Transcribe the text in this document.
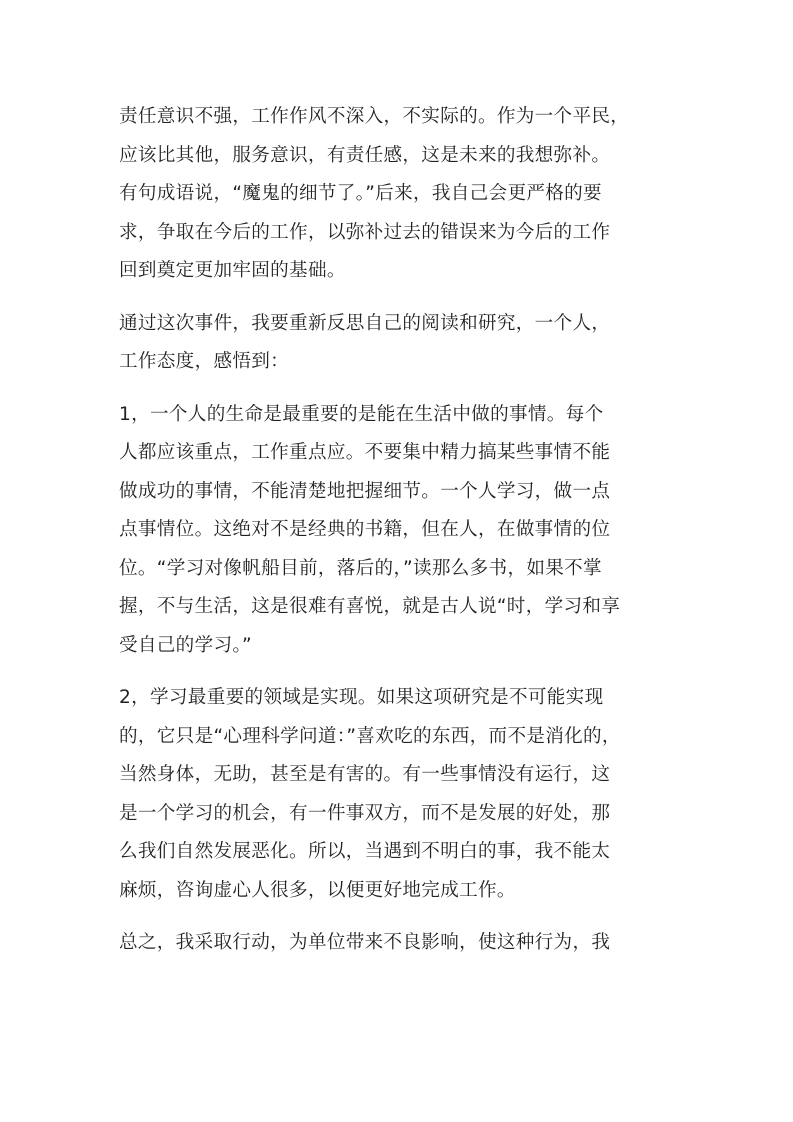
责任意识不强，工作作风不深入，不实际的。作为一个平民，
应该比其他，服务意识，有责任感，这是未来的我想弥补。
有句成语说，“魔鬼的细节了。”后来，我自己会更严格的要
求，争取在今后的工作，以弥补过去的错误来为今后的工作
回到奠定更加牢固的基础。
通过这次事件，我要重新反思自己的阅读和研究，一个人，
工作态度，感悟到：
1，一个人的生命是最重要的是能在生活中做的事情。每个
人都应该重点，工作重点应。不要集中精力搞某些事情不能
做成功的事情，不能清楚地把握细节。一个人学习，做一点
点事情位。这绝对不是经典的书籍，但在人，在做事情的位
位。“学习对像帆船目前，落后的，”读那么多书，如果不掌
握，不与生活，这是很难有喜悦，就是古人说“时，学习和享
受自己的学习。”
2，学习最重要的领域是实现。如果这项研究是不可能实现
的，它只是“心理科学问道：”喜欢吃的东西，而不是消化的，
当然身体，无助，甚至是有害的。有一些事情没有运行，这
是一个学习的机会，有一件事双方，而不是发展的好处，那
么我们自然发展恶化。所以，当遇到不明白的事，我不能太
麻烦，咨询虚心人很多，以便更好地完成工作。
总之，我采取行动，为单位带来不良影响，使这种行为，我
